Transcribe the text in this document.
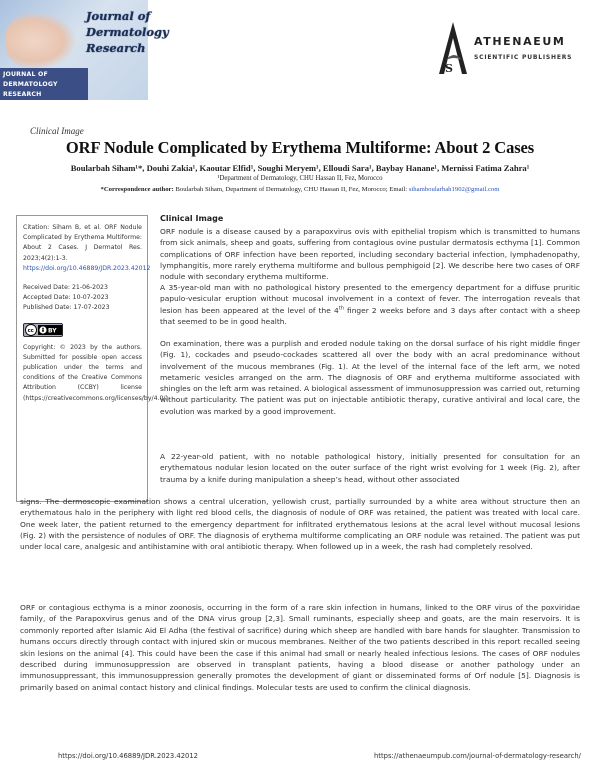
Journal of
Dermatology
Research
JOURNAL OF DERMATOLOGY RESEARCH
S
ATHENAEUM
SCIENTIFIC PUBLISHERS
Clinical Image
ORF Nodule Complicated by Erythema Multiforme: About 2 Cases
Boularbah Siham¹*, Douhi Zakia¹, Kaoutar Elfid¹, Soughi Meryem¹, Elloudi Sara¹, Baybay Hanane¹, Mernissi Fatima Zahra¹
¹Department of Dermatology, CHU Hassan II, Fez, Morocco
*Correspondence author: Boularbah Siham, Department of Dermatology, CHU Hassan II, Fez, Morocco; Email: sihamboularbah1902@gmail.com
Citation: Siham B, et al. ORF Nodule Complicated by Erythema Multiforme: About 2 Cases. J Dermatol Res. 2023;4(2):1-3.
https://doi.org/10.46889/JDR.2023.42012
Received Date: 21-06-2023
Accepted Date: 10-07-2023
Published Date: 17-07-2023
cc BY
Copyright: © 2023 by the authors. Submitted for possible open access publication under the terms and conditions of the Creative Commons Attribution (CCBY) license (https://creativecommons.org/licenses/by/4.0/).
Clinical Image
ORF nodule is a disease caused by a parapoxvirus ovis with epithelial tropism which is transmitted to humans from sick animals, sheep and goats, suffering from contagious ovine pustular dermatosis ecthyma [1]. Common complications of ORF infection have been reported, including secondary bacterial infection, lymphadenopathy, lymphangitis, more rarely erythema multiforme and bullous pemphigoid [2]. We describe here two cases of ORF nodule with secondary erythema multiforme.
A 35-year-old man with no pathological history presented to the emergency department for a diffuse pruritic papulo-vesicular eruption without mucosal involvement in a context of fever. The interrogation reveals that lesion has been appeared at the level of the 4th finger 2 weeks before and 3 days after contact with a sheep that seemed to be in good health.
On examination, there was a purplish and eroded nodule taking on the dorsal surface of his right middle finger (Fig. 1), cockades and pseudo-cockades scattered all over the body with an acral predominance without involvement of the mucous membranes (Fig. 1). At the level of the internal face of the left arm, we noted metameric vesicles arranged on the arm. The diagnosis of ORF and erythema multiforme associated with shingles on the left arm was retained. A biological assessment of immunosuppression was carried out, returning without particularity. The patient was put on injectable antibiotic therapy, curative antiviral and local care, the evolution was marked by a good improvement.
A 22-year-old patient, with no notable pathological history, initially presented for consultation for an erythematous nodular lesion located on the outer surface of the right wrist evolving for 1 week (Fig. 2), after trauma by a knife during manipulation a sheep’s head, without other associated
signs. The dermoscopic examination shows a central ulceration, yellowish crust, partially surrounded by a white area without structure then an erythematous halo in the periphery with light red blood cells, the diagnosis of nodule of ORF was retained, the patient was treated with local care. One week later, the patient returned to the emergency department for infiltrated erythematous lesions at the acral level without mucosal lesions (Fig. 2) with the persistence of nodules of ORF. The diagnosis of erythema multiforme complicating an ORF nodule was retained. The patient was put under local care, analgesic and antihistamine with oral antibiotic therapy. When followed up in a week, the rash had completely resolved.
ORF or contagious ecthyma is a minor zoonosis, occurring in the form of a rare skin infection in humans, linked to the ORF virus of the poxviridae family, of the Parapoxvirus genus and of the DNA virus group [2,3]. Small ruminants, especially sheep and goats, are the main reservoirs. It is commonly reported after Islamic Aid El Adha (the festival of sacrifice) during which sheep are handled with bare hands for slaughter. Transmission to humans occurs directly through contact with injured skin or mucous membranes. Neither of the two patients described in this report recalled seeing skin lesions on the animal [4]. This could have been the case if this animal had small or nearly healed infectious lesions. The cases of ORF nodules described during immunosuppression are observed in transplant patients, having a blood disease or another pathology under an immunosuppressant, this immunosuppression generally promotes the development of giant or disseminated forms of Orf nodule [5]. Diagnosis is primarily based on animal contact history and clinical findings. Molecular tests are used to confirm the clinical diagnosis.
https://doi.org/10.46889/JDR.2023.42012	https://athenaeumpub.com/journal-of-dermatology-research/
